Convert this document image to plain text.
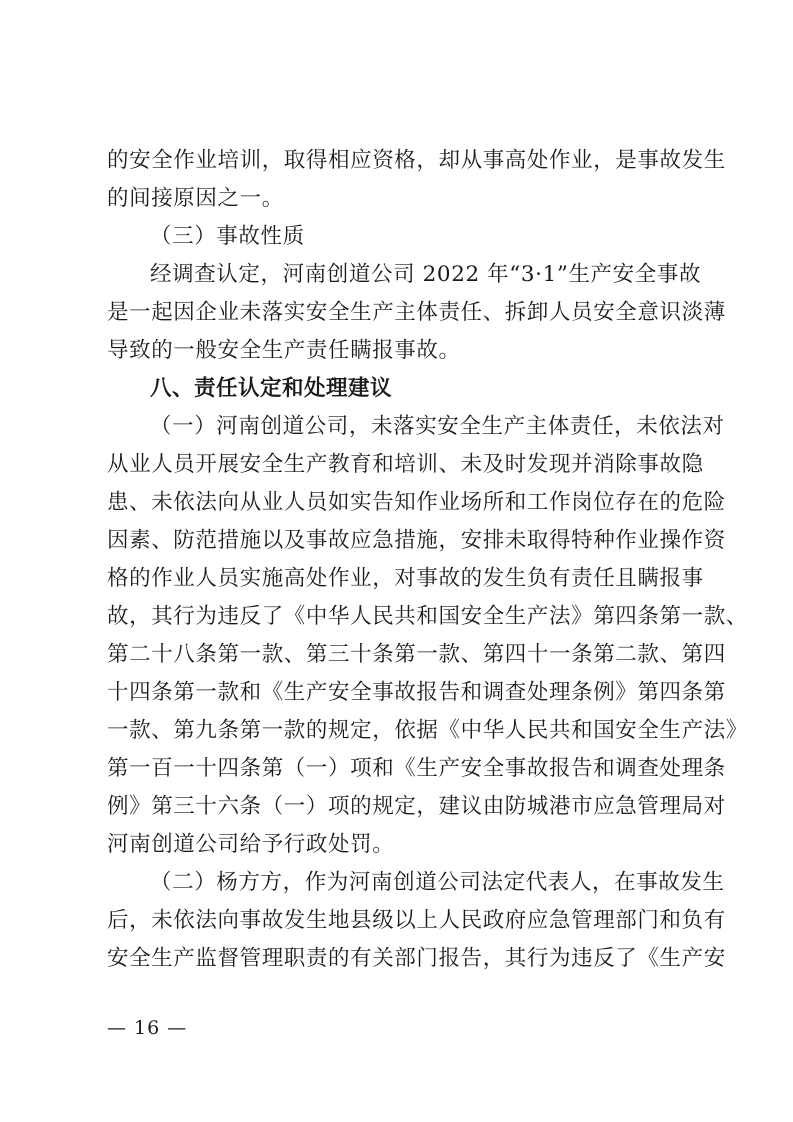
的安全作业培训，取得相应资格，却从事高处作业，是事故发生
的间接原因之一。
（三）事故性质
经调查认定，河南创道公司 2022 年“3·1”生产安全事故
是一起因企业未落实安全生产主体责任、拆卸人员安全意识淡薄
导致的一般安全生产责任瞒报事故。
八、责任认定和处理建议
（一）河南创道公司，未落实安全生产主体责任，未依法对
从业人员开展安全生产教育和培训、未及时发现并消除事故隐
患、未依法向从业人员如实告知作业场所和工作岗位存在的危险
因素、防范措施以及事故应急措施，安排未取得特种作业操作资
格的作业人员实施高处作业，对事故的发生负有责任且瞒报事
故，其行为违反了《中华人民共和国安全生产法》第四条第一款、
第二十八条第一款、第三十条第一款、第四十一条第二款、第四
十四条第一款和《生产安全事故报告和调查处理条例》第四条第
一款、第九条第一款的规定，依据《中华人民共和国安全生产法》
第一百一十四条第（一）项和《生产安全事故报告和调查处理条
例》第三十六条（一）项的规定，建议由防城港市应急管理局对
河南创道公司给予行政处罚。
（二）杨方方，作为河南创道公司法定代表人，在事故发生
后，未依法向事故发生地县级以上人民政府应急管理部门和负有
安全生产监督管理职责的有关部门报告，其行为违反了《生产安
— 16 —
